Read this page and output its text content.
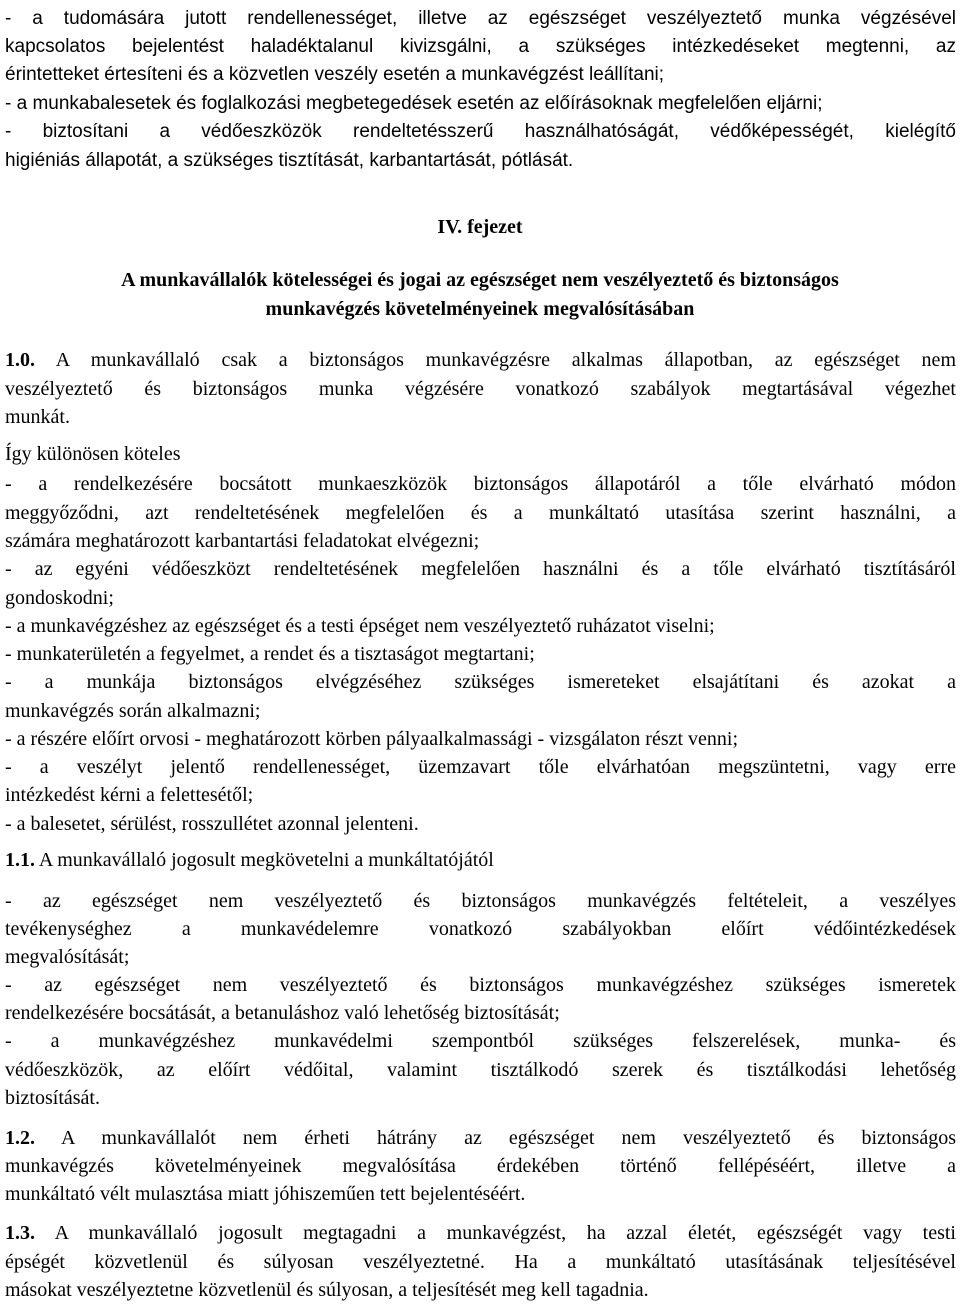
- a tudomására jutott rendellenességet, illetve az egészséget veszélyeztető munka végzésével

kapcsolatos bejelentést haladéktalanul kivizsgálni, a szükséges intézkedéseket megtenni, az

érintetteket értesíteni és a közvetlen veszély esetén a munkavégzést leállítani;

- a munkabalesetek és foglalkozási megbetegedések esetén az előírásoknak megfelelően eljárni;

- biztosítani a védőeszközök rendeltetésszerű használhatóságát, védőképességét, kielégítő

higiéniás állapotát, a szükséges tisztítását, karbantartását, pótlását.

IV. fejezet

A munkavállalók kötelességei és jogai az egészséget nem veszélyeztető és biztonságos

munkavégzés követelményeinek megvalósításában

1.0. A munkavállaló csak a biztonságos munkavégzésre alkalmas állapotban, az egészséget nem

veszélyeztető és biztonságos munka végzésére vonatkozó szabályok megtartásával végezhet

munkát.

Így különösen köteles

- a rendelkezésére bocsátott munkaeszközök biztonságos állapotáról a tőle elvárható módon

meggyőződni, azt rendeltetésének megfelelően és a munkáltató utasítása szerint használni, a

számára meghatározott karbantartási feladatokat elvégezni;

- az egyéni védőeszközt rendeltetésének megfelelően használni és a tőle elvárható tisztításáról

gondoskodni;

- a munkavégzéshez az egészséget és a testi épséget nem veszélyeztető ruházatot viselni;

- munkaterületén a fegyelmet, a rendet és a tisztaságot megtartani;

- a munkája biztonságos elvégzéséhez szükséges ismereteket elsajátítani és azokat a

munkavégzés során alkalmazni;

- a részére előírt orvosi - meghatározott körben pályaalkalmassági - vizsgálaton részt venni;

- a veszélyt jelentő rendellenességet, üzemzavart tőle elvárhatóan megszüntetni, vagy erre

intézkedést kérni a felettesétől;

- a balesetet, sérülést, rosszullétet azonnal jelenteni.

1.1. A munkavállaló jogosult megkövetelni a munkáltatójától

- az egészséget nem veszélyeztető és biztonságos munkavégzés feltételeit, a veszélyes

tevékenységhez a munkavédelemre vonatkozó szabályokban előírt védőintézkedések

megvalósítását;

- az egészséget nem veszélyeztető és biztonságos munkavégzéshez szükséges ismeretek

rendelkezésére bocsátását, a betanuláshoz való lehetőség biztosítását;

- a munkavégzéshez munkavédelmi szempontból szükséges felszerelések, munka- és

védőeszközök, az előírt védőital, valamint tisztálkodó szerek és tisztálkodási lehetőség

biztosítását.

1.2. A munkavállalót nem érheti hátrány az egészséget nem veszélyeztető és biztonságos

munkavégzés követelményeinek megvalósítása érdekében történő fellépéséért, illetve a

munkáltató vélt mulasztása miatt jóhiszeműen tett bejelentéséért.

1.3. A munkavállaló jogosult megtagadni a munkavégzést, ha azzal életét, egészségét vagy testi

épségét közvetlenül és súlyosan veszélyeztetné. Ha a munkáltató utasításának teljesítésével

másokat veszélyeztetne közvetlenül és súlyosan, a teljesítését meg kell tagadnia.
